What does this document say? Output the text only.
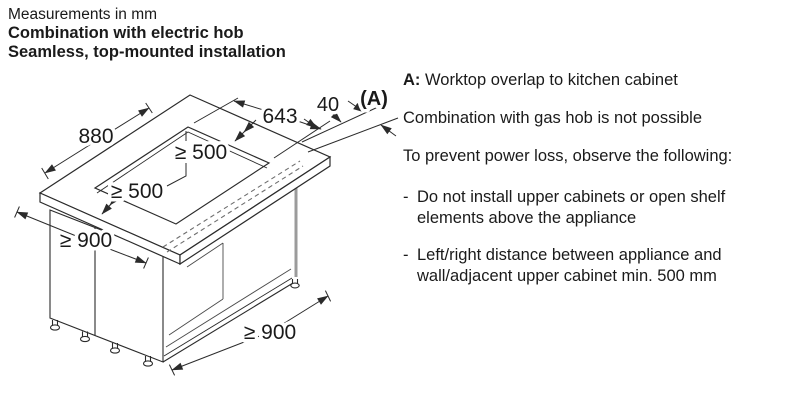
Measurements in mm
Combination with electric hob
Seamless, top-mounted installation

A: Worktop overlap to kitchen cabinet

Combination with gas hob is not possible

To prevent power loss, observe the following:

- Do not install upper cabinets or open shelf elements above the appliance
- Left/right distance between appliance and wall/adjacent upper cabinet min. 500 mm
880
643 40 (A)
≥ 500
≥ 500
≥ 900
≥ 900
